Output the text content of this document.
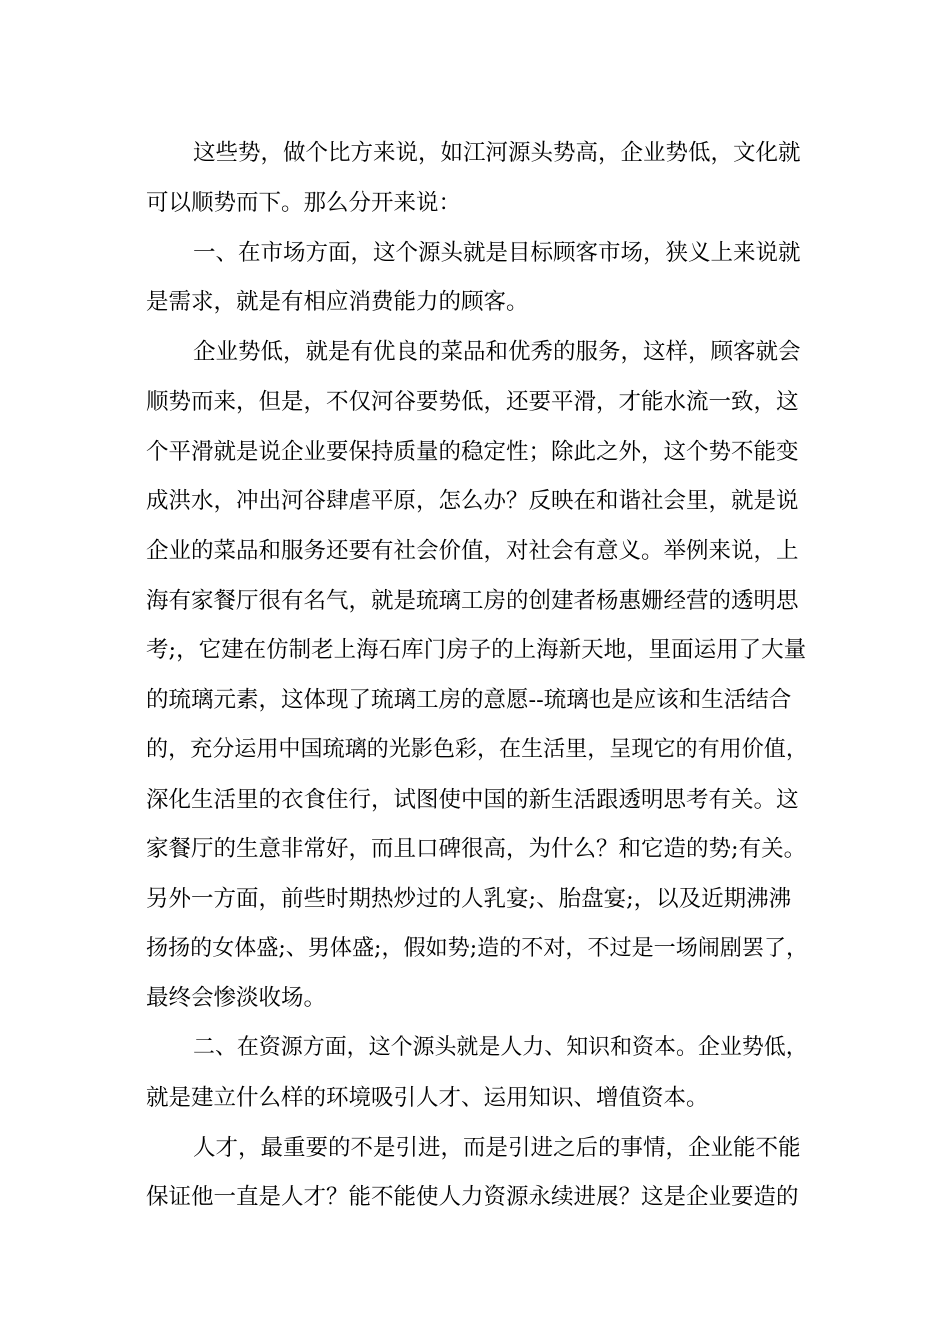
这些势，做个比方来说，如江河源头势高，企业势低，文化就
可以顺势而下。那么分开来说：
一、在市场方面，这个源头就是目标顾客市场，狭义上来说就
是需求，就是有相应消费能力的顾客。
企业势低，就是有优良的菜品和优秀的服务，这样，顾客就会
顺势而来，但是，不仅河谷要势低，还要平滑，才能水流一致，这
个平滑就是说企业要保持质量的稳定性；除此之外，这个势不能变
成洪水，冲出河谷肆虐平原，怎么办？反映在和谐社会里，就是说
企业的菜品和服务还要有社会价值，对社会有意义。举例来说，上
海有家餐厅很有名气，就是琉璃工房的创建者杨惠姗经营的透明思
考;，它建在仿制老上海石库门房子的上海新天地，里面运用了大量
的琉璃元素，这体现了琉璃工房的意愿--琉璃也是应该和生活结合
的，充分运用中国琉璃的光影色彩，在生活里，呈现它的有用价值，
深化生活里的衣食住行，试图使中国的新生活跟透明思考有关。这
家餐厅的生意非常好，而且口碑很高，为什么？和它造的势;有关。
另外一方面，前些时期热炒过的人乳宴;、胎盘宴;，以及近期沸沸
扬扬的女体盛;、男体盛;，假如势;造的不对，不过是一场闹剧罢了，
最终会惨淡收场。
二、在资源方面，这个源头就是人力、知识和资本。企业势低，
就是建立什么样的环境吸引人才、运用知识、增值资本。
人才，最重要的不是引进，而是引进之后的事情，企业能不能
保证他一直是人才？能不能使人力资源永续进展？这是企业要造的
